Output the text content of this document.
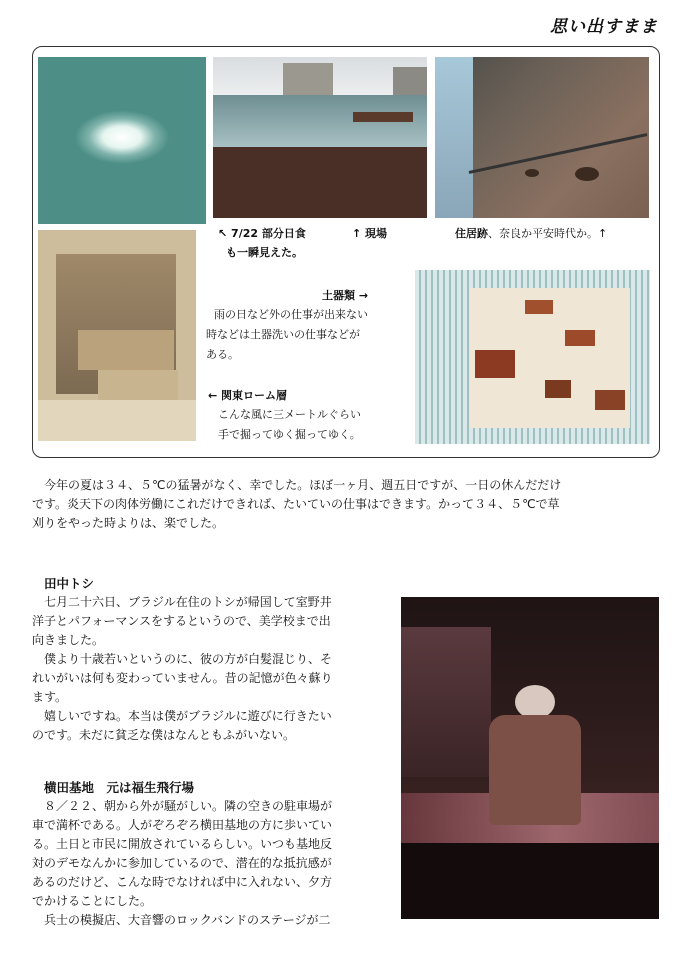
思い出すまま
↖ 7/22 部分日食
も一瞬見えた。
↑ 現場	住居跡、奈良か平安時代か。↑
土器類 →
雨の日など外の仕事が出来ない
時などは土器洗いの仕事などが
ある。
← 関東ローム層
こんな風に三メートルぐらい
手で掘ってゆく掘ってゆく。
今年の夏は３４、５℃の猛暑がなく、幸でした。ほぼ一ヶ月、週五日ですが、一日の休んだだけ
です。炎天下の肉体労働にこれだけできれば、たいていの仕事はできます。かって３４、５℃で草
刈りをやった時よりは、楽でした。
田中トシ
七月二十六日、ブラジル在住のトシが帰国して室野井
洋子とパフォーマンスをするというので、美学校まで出
向きました。
僕より十歳若いというのに、彼の方が白髪混じり、そ
れいがいは何も変わっていません。昔の記憶が色々蘇り
ます。
嬉しいですね。本当は僕がブラジルに遊びに行きたい
のです。未だに貧乏な僕はなんともふがいない。
横田基地　元は福生飛行場
８／２２、朝から外が騒がしい。隣の空きの駐車場が
車で満杯である。人がぞろぞろ横田基地の方に歩いてい
る。土日と市民に開放されているらしい。いつも基地反
対のデモなんかに参加しているので、潜在的な抵抗感が
あるのだけど、こんな時でなければ中に入れない、夕方
でかけることにした。
兵士の模擬店、大音響のロックバンドのステージが二
